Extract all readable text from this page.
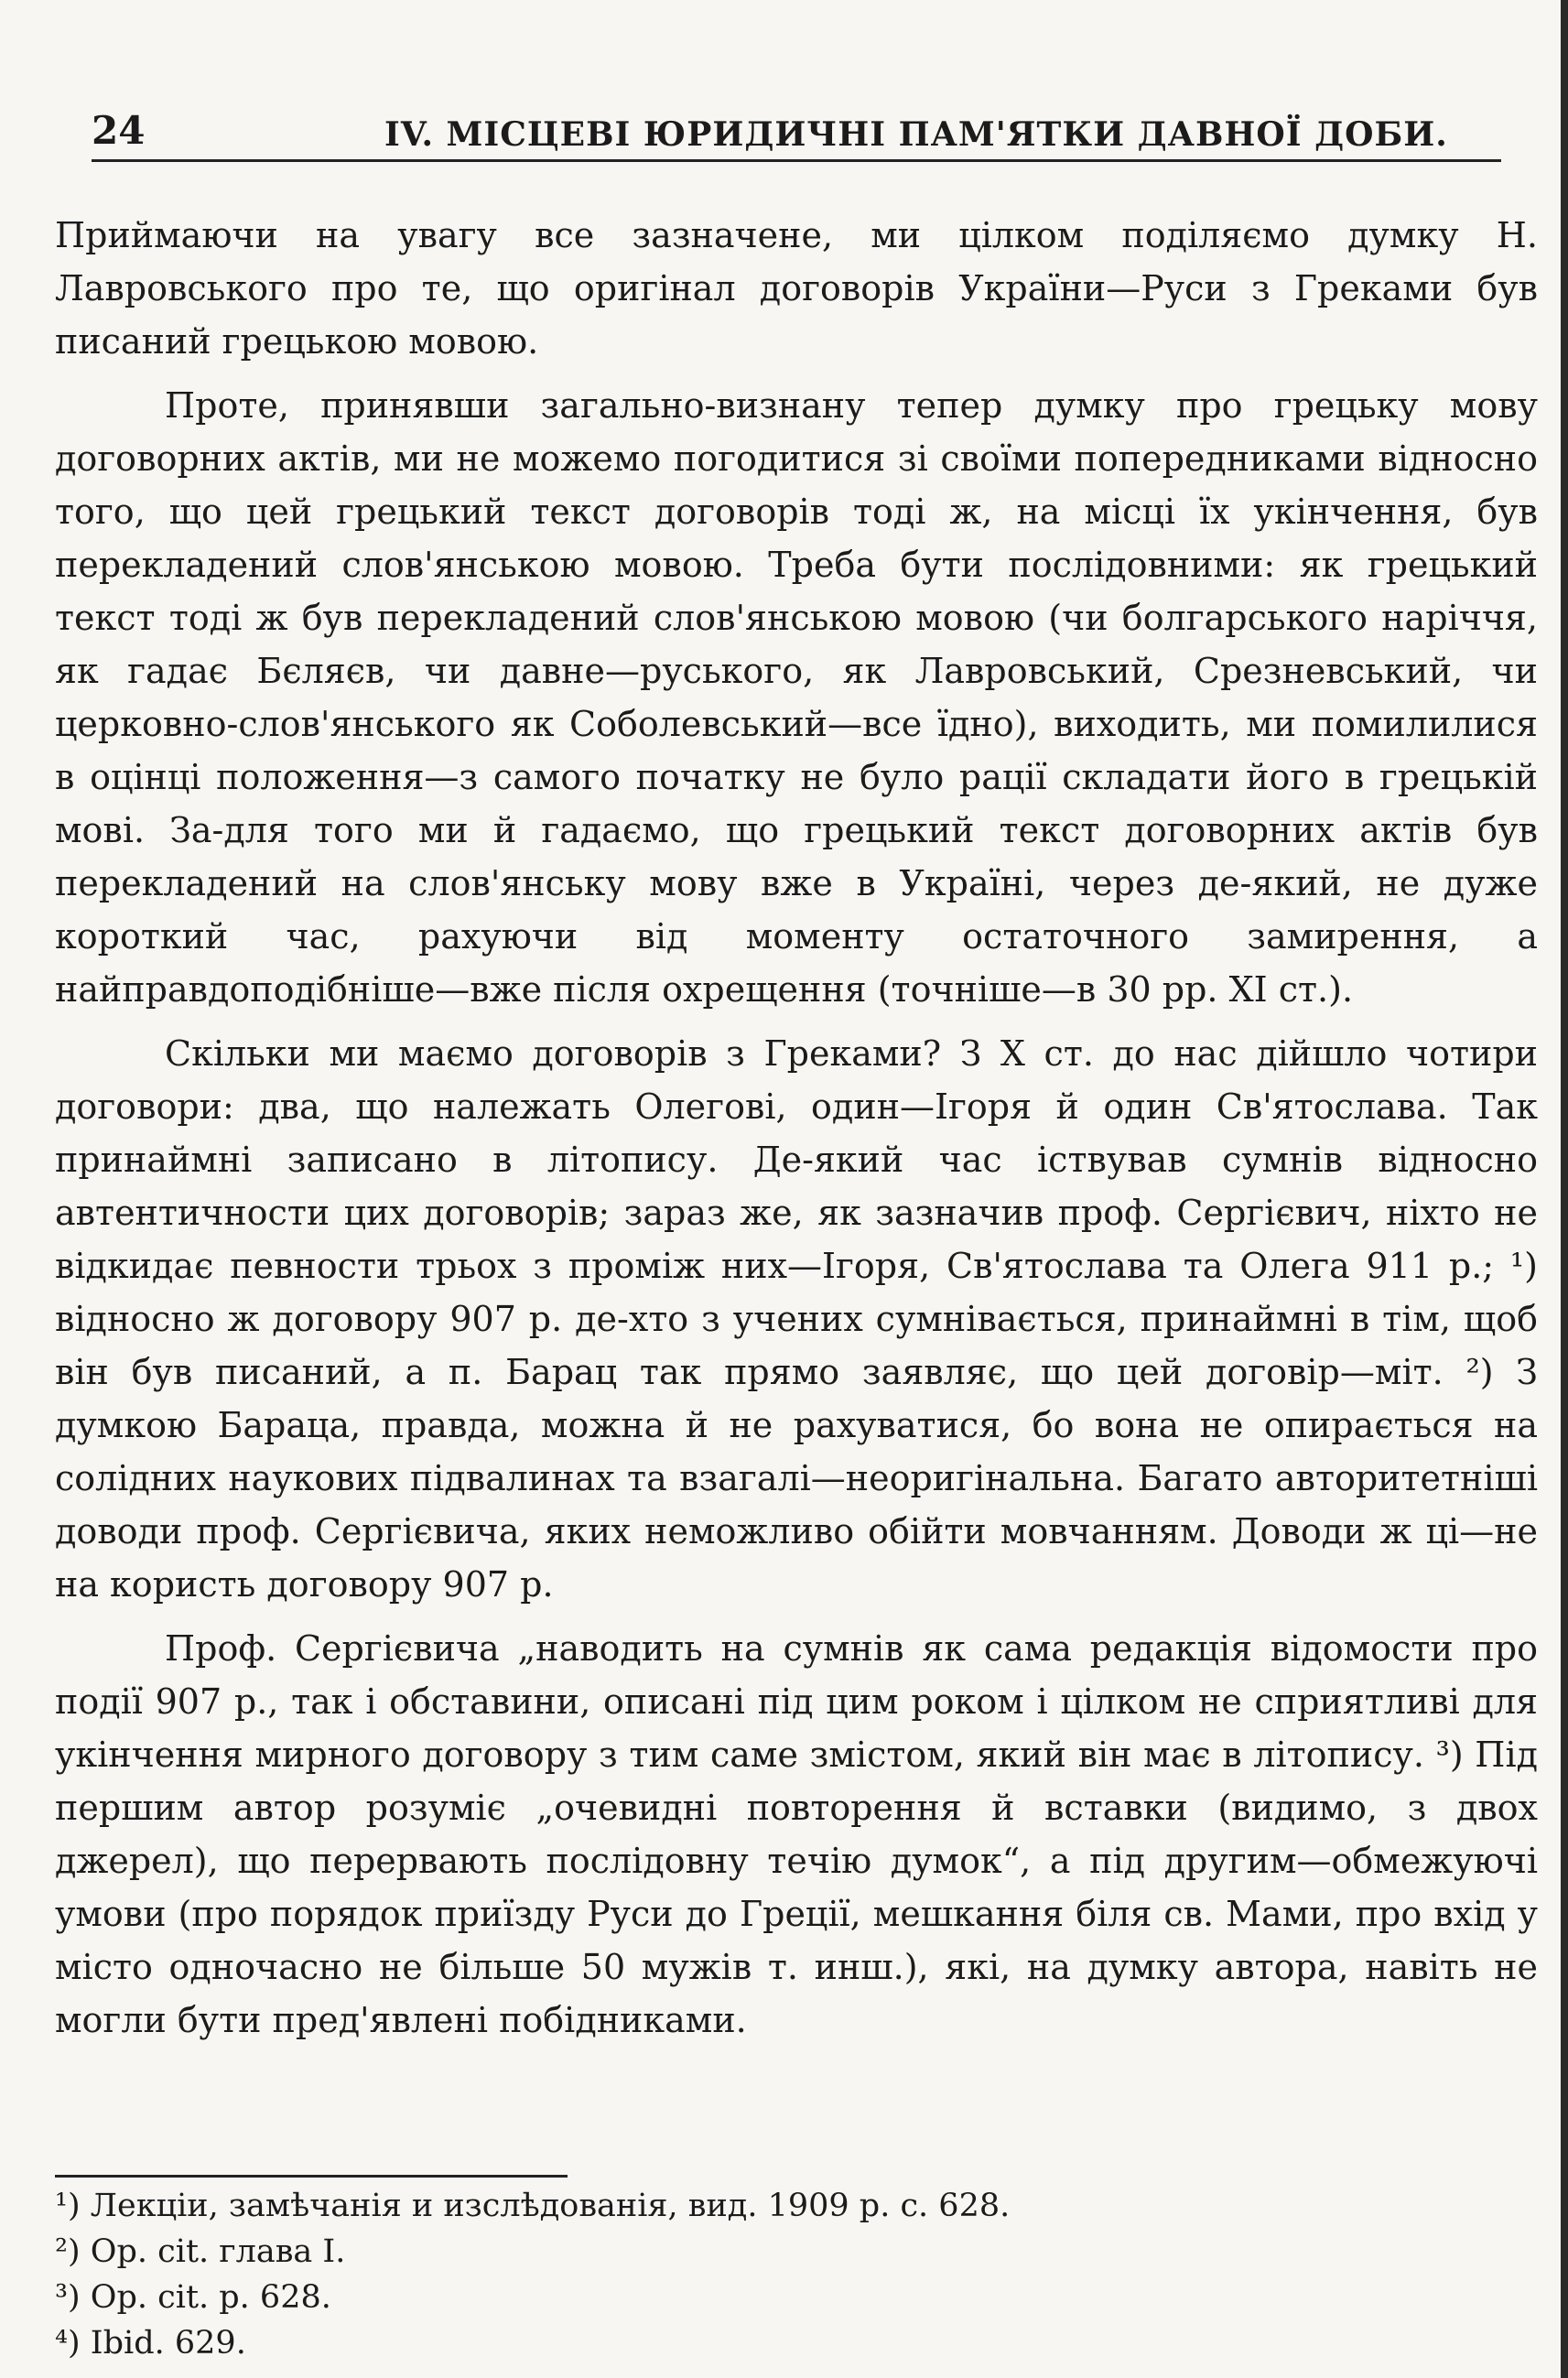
24	IV. МІСЦЕВІ ЮРИДИЧНІ ПАМ'ЯТКИ ДАВНОЇ ДОБИ.

Приймаючи на увагу все зазначене, ми цілком поділяємо думку Н. Лавровського про те, що оригінал договорів України—Руси з Греками був писаний грецькою мовою.

Проте, принявши загально-визнану тепер думку про грецьку мову договорних актів, ми не можемо погодитися зі своїми попередниками відносно того, що цей грецький текст договорів тоді ж, на місці їх укінчення, був перекладений слов'янською мовою. Треба бути послідовними: як грецький текст тоді ж був перекладений слов'янською мовою (чи болгарського наріччя, як гадає Бєляєв, чи давне—руського, як Лавровський, Срезневський, чи церковно-слов'янського як Соболевський—все їдно), виходить, ми помилилися в оцінці положення—з самого початку не було рації складати його в грецькій мові. За-для того ми й гадаємо, що грецький текст договорних актів був перекладений на слов'янську мову вже в Україні, через де-який, не дуже короткий час, рахуючи від моменту остаточного замирення, а найправдоподібніше—вже після охрещення (точніше—в 30 рр. XI ст.).

Скільки ми маємо договорів з Греками? З X ст. до нас дійшло чотири договори: два, що належать Олегові, один—Ігоря й один Св'ятослава. Так принаймні записано в літопису. Де-який час іствував сумнів відносно автентичности цих договорів; зараз же, як зазначив проф. Сергієвич, ніхто не відкидає певности трьох з проміж них—Ігоря, Св'ятослава та Олега 911 р.; ¹) відносно ж договору 907 р. де-хто з учених сумнівається, принаймні в тім, щоб він був писаний, а п. Барац так прямо заявляє, що цей договір—міт. ²) З думкою Бараца, правда, можна й не рахуватися, бо вона не опирається на солідних наукових підвалинах та взагалі—неоригінальна. Багато авторитетніші доводи проф. Сергієвича, яких неможливо обійти мовчанням. Доводи ж ці—не на користь договору 907 р.

Проф. Сергієвича „наводить на сумнів як сама редакція відомости про події 907 р., так і обставини, описані під цим роком і цілком не сприятливі для укінчення мирного договору з тим саме змістом, який він має в літопису. ³) Під першим автор розуміє „очевидні повторення й вставки (видимо, з двох джерел), що перервають послідовну течію думок“, а під другим—обмежуючі умови (про порядок приїзду Руси до Греції, мешкання біля св. Мами, про вхід у місто одночасно не більше 50 мужів т. инш.), які, на думку автора, навіть не могли бути пред'явлені побідниками.

¹) Лекціи, замѣчанія и изслѣдованія, вид. 1909 р. с. 628.
²) Op. cit. глава I.
³) Op. cit. p. 628.
⁴) Ibid. 629.
